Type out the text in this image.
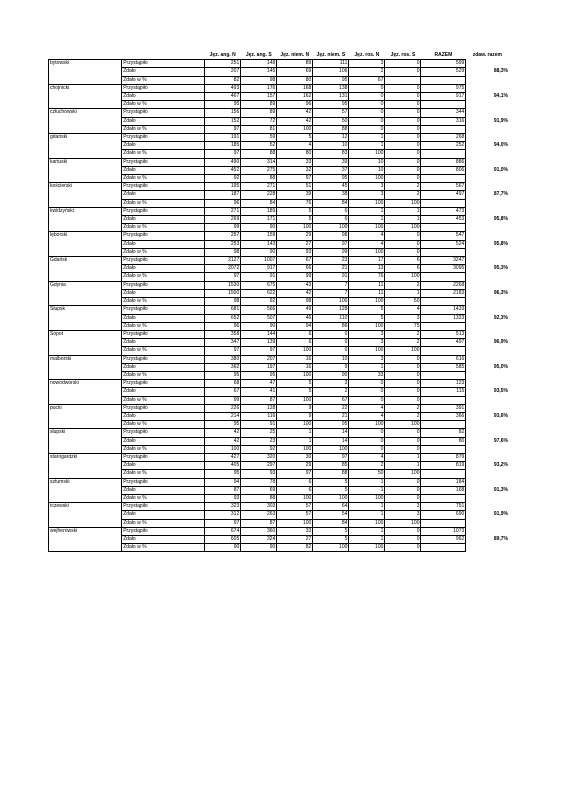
		Jęz. ang. N	Jęz. ang. S	Jęz. niem. N	Jęz. niem. S	Jęz. ros. N	Jęz. ros. S	RAZEM	zdaw. razem
bytowski	Przystąpiło	251	148	89	111	3	0	599	
	Zdało	207	145	69	106	2	0	529	88,3%
	Zdało w %	82	98	80	95	67			
chojnicki	Przystąpiło	493	176	168	138	0	0	975	
	Zdało	467	157	162	131	0	0	917	94,1%
	Zdało w %	95	89	96	95	0	0		
człuchowski	Przystąpiło	156	89	42	57	0	0	344	
	Zdało	152	72	42	50	0	0	316	91,9%
	Zdało w %	97	81	100	88	0	0		
gdański	Przystąpiło	191	59	5	12	1	0	268	
	Zdało	185	52	4	10	1	0	252	94,0%
	Zdało w %	97	88	80	83	100	0		
kartuski	Przystąpiło	490	314	33	39	10	0	886	
	Zdało	452	275	32	37	10	0	806	91,0%
	Zdało w %	92	88	97	95	100	0		
kościerski	Przystąpiło	195	271	51	45	3	2	567	
	Zdało	187	228	39	38	3	2	497	87,7%
	Zdało w %	96	84	76	84	100	100		
kwidzyński	Przystąpiło	271	189	5	6	1	1	473	
	Zdało	269	171	5	6	1	1	453	95,8%
	Zdało w %	99	90	100	100	100	100		
lęborski	Przystąpiło	257	159	29	98	4	0	547	
	Zdało	253	143	27	97	4	0	524	95,8%
	Zdało w %	98	90	93	99	100	0		
Gdańsk	Przystąpiło	2127	1007	67	23	17	6	3247	
	Zdało	2072	917	66	21	13	6	3095	95,3%
	Zdało w %	97	91	99	91	76	100		
Gdynia	Przystąpiło	1530	675	43	7	11	2	2268	
	Zdało	1500	622	42	7	11	1	2183	96,3%
	Zdało w %	98	92	98	100	100	50		
Słupsk	Przystąpiło	681	566	49	128	5	4	1433	
	Zdało	652	507	46	110	5	3	1323	92,3%
	Zdało w %	96	90	94	86	100	75		
Sopot	Przystąpiło	358	144	6	0	3	2	513	
	Zdało	347	139	6	0	3	2	497	96,9%
	Zdało w %	97	97	100	0	100	100		
malborski	Przystąpiło	380	207	16	10	3	0	616	
	Zdało	362	197	16	9	1	0	585	95,0%
	Zdało w %	95	95	100	90	33	0		
nowodworski	Przystąpiło	68	47	5	3	0	0	123	
	Zdało	67	41	5	2	0	0	115	93,5%
	Zdało w %	99	87	100	67	0	0		
pucki	Przystąpiło	226	128	9	22	4	2	391	
	Zdało	214	116	9	21	4	2	366	93,6%
	Zdało w %	95	91	100	95	100	100		
słupski	Przystąpiło	42	25	1	14	0	0	82	
	Zdało	42	23	1	14	0	0	80	97,6%
	Zdało w %	100	92	100	100	0	0		
starogardzki	Przystąpiło	427	320	30	97	4	1	879	
	Zdało	405	297	29	85	2	1	819	93,2%
	Zdało w %	95	93	97	88	50	100		
sztumski	Przystąpiło	94	78	6	5	1	0	184	
	Zdało	87	69	6	5	1	0	168	91,3%
	Zdało w %	93	88	100	100	100	0		
tczewski	Przystąpiło	323	303	57	64	1	3	751	
	Zdało	312	263	57	54	1	3	690	91,9%
	Zdało w %	97	87	100	84	100	100		
wejherowski	Przystąpiło	674	360	33	5	1	0	1073	
	Zdało	605	324	27	5	1	0	962	89,7%
	Zdało w %	90	90	82	100	100	0		
